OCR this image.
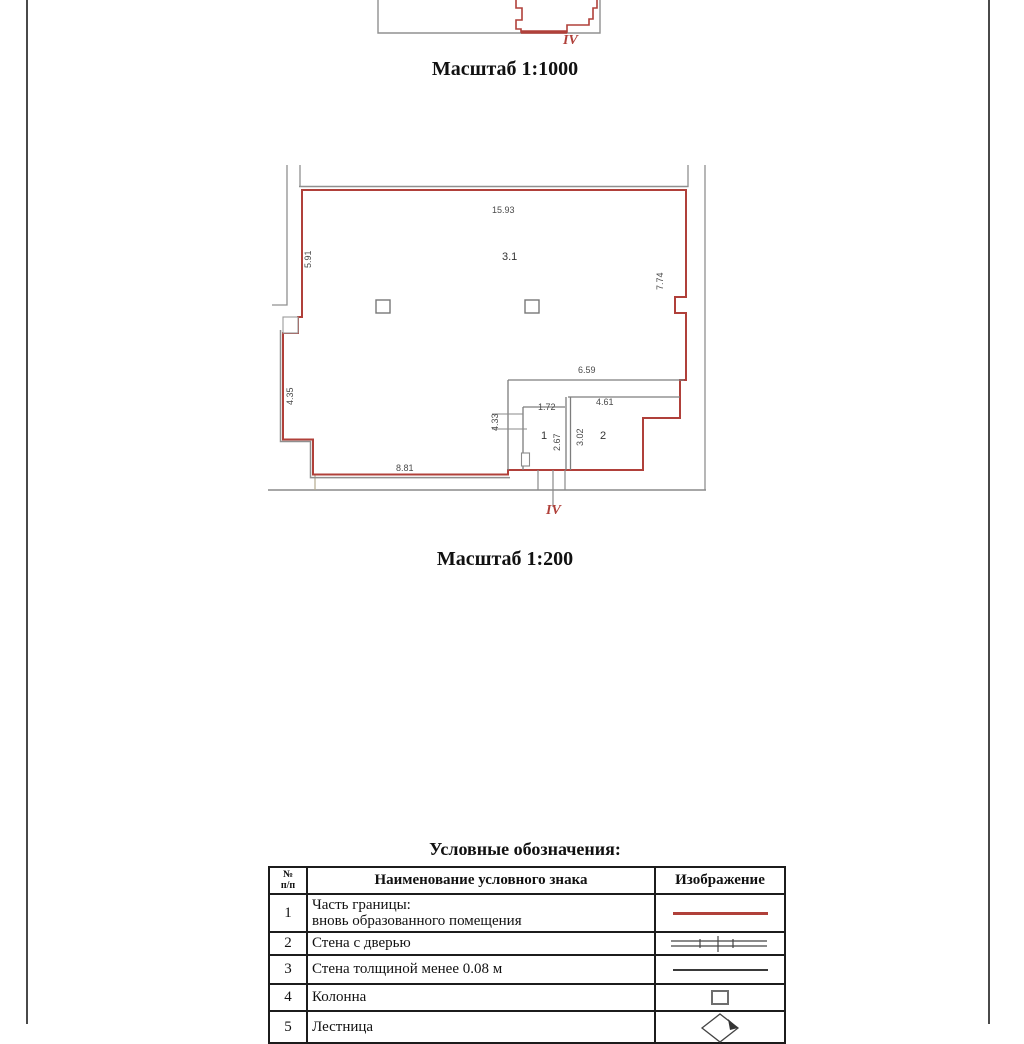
IV
Масштаб 1:1000
15.93
3.1
5.91
7.74
4.35
8.81
6.59
4.61
4.33
1.72
2.67 3.02
1	2
IV
Масштаб 1:200
Условные обозначения:
№
п/п	Наименование условного знака	Изображение
1	Часть границы:
вновь образованного помещения	

2	Стена с дверью	
3	Стена толщиной менее 0.08 м	
4	Колонна	
5	Лестница	
